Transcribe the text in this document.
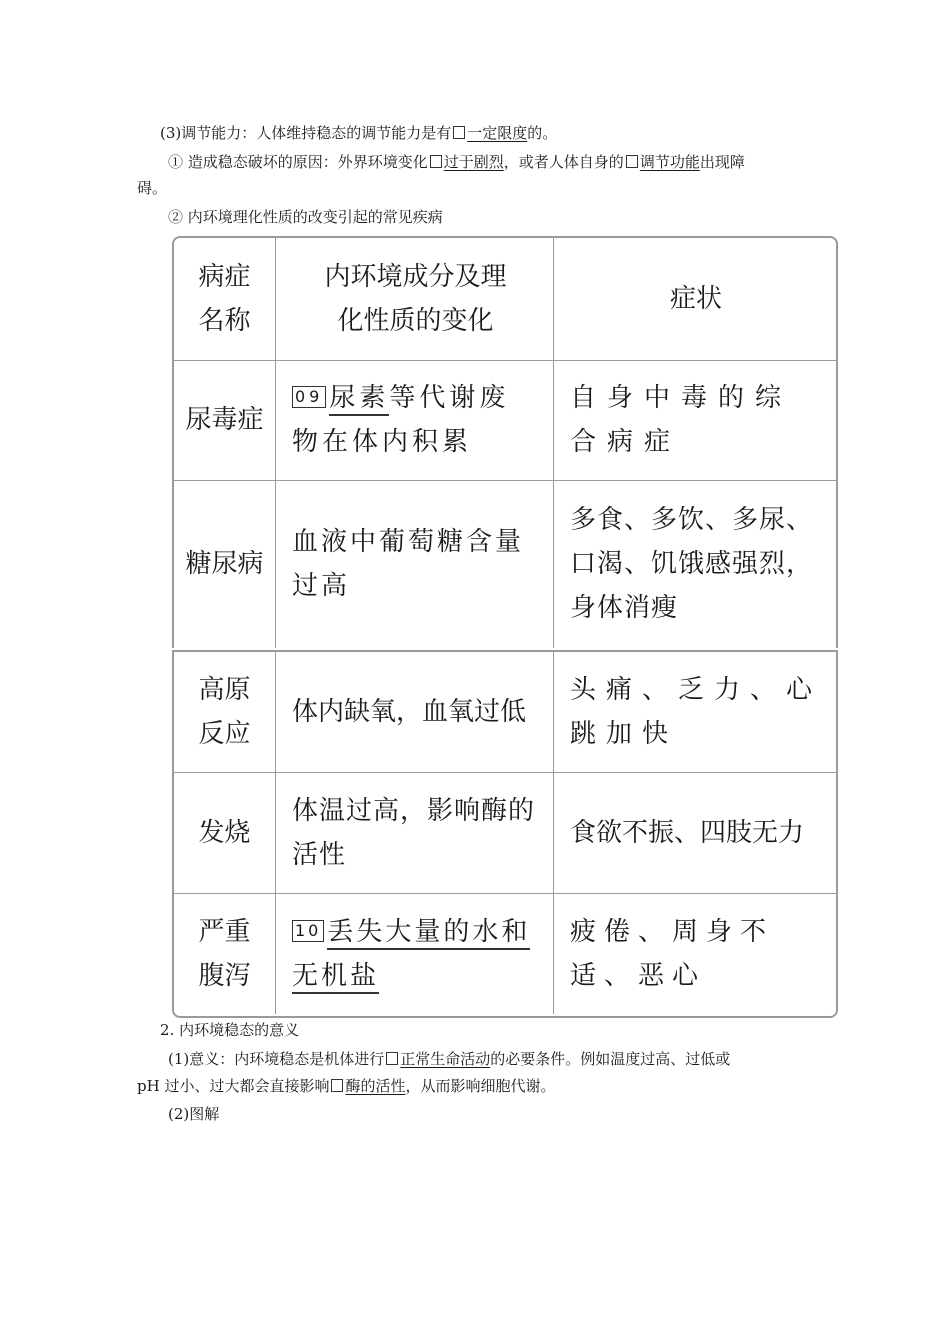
(3)调节能力：人体维持稳态的调节能力是有 一定限度的。
① 造成稳态破坏的原因：外界环境变化 过于剧烈，或者人体自身的 调节功能出现障
碍。
② 内环境理化性质的改变引起的常见疾病
病症
名称
内环境成分及理
化性质的变化
症状
尿毒症
09 尿素等代谢废物在体内积累
自身中毒的综合病症
糖尿病
血液中葡萄糖含量过高
多食、多饮、多尿、口渴、饥饿感强烈，身体消瘦
高原
反应
体内缺氧，血氧过低
头痛、乏力、心跳加快
发烧
体温过高，影响酶的活性
食欲不振、四肢无力
严重
腹泻
10 丢失大量的水和
无机盐
疲倦、周身不适、恶心
2. 内环境稳态的意义
(1)意义：内环境稳态是机体进行 正常生命活动的必要条件。例如温度过高、过低或
pH 过小、过大都会直接影响 酶的活性，从而影响细胞代谢。
(2)图解
